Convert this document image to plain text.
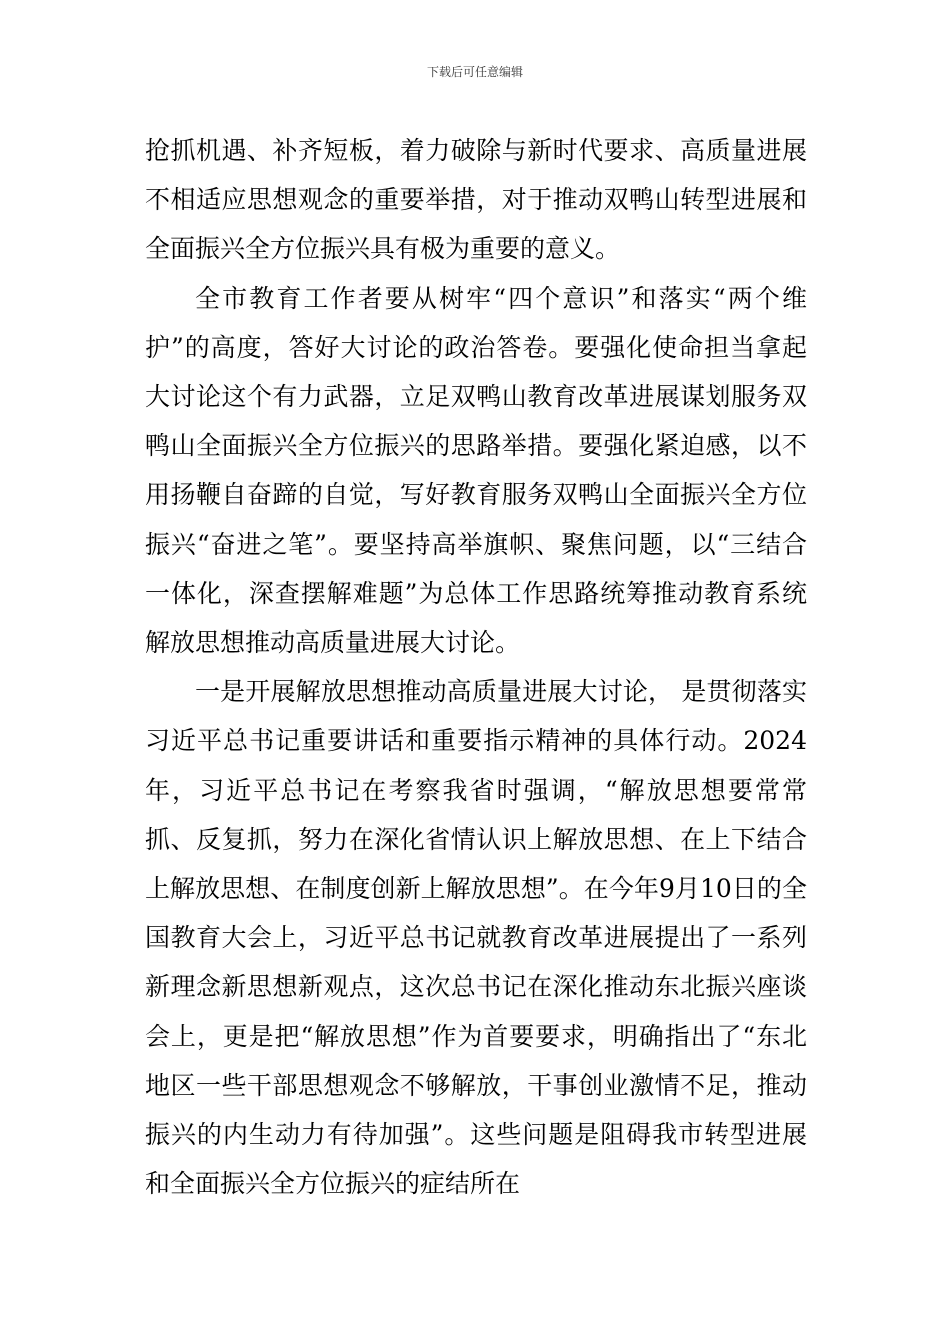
下载后可任意编辑

抢抓机遇、补齐短板，着力破除与新时代要求、高质量进展不相适应思想观念的重要举措，对于推动双鸭山转型进展和全面振兴全方位振兴具有极为重要的意义。

全市教育工作者要从树牢“四个意识”和落实“两个维护”的高度，答好大讨论的政治答卷。要强化使命担当拿起大讨论这个有力武器，立足双鸭山教育改革进展谋划服务双鸭山全面振兴全方位振兴的思路举措。要强化紧迫感，以不用扬鞭自奋蹄的自觉，写好教育服务双鸭山全面振兴全方位振兴“奋进之笔”。要坚持高举旗帜、聚焦问题，以“三结合一体化，深查摆解难题”为总体工作思路统筹推动教育系统解放思想推动高质量进展大讨论。

一是开展解放思想推动高质量进展大讨论， 是贯彻落实习近平总书记重要讲话和重要指示精神的具体行动。2024年，习近平总书记在考察我省时强调，“解放思想要常常抓、反复抓，努力在深化省情认识上解放思想、在上下结合上解放思想、在制度创新上解放思想”。在今年9月10日的全国教育大会上，习近平总书记就教育改革进展提出了一系列新理念新思想新观点，这次总书记在深化推动东北振兴座谈会上，更是把“解放思想”作为首要要求，明确指出了“东北地区一些干部思想观念不够解放，干事创业激情不足，推动振兴的内生动力有待加强”。这些问题是阻碍我市转型进展和全面振兴全方位振兴的症结所在
